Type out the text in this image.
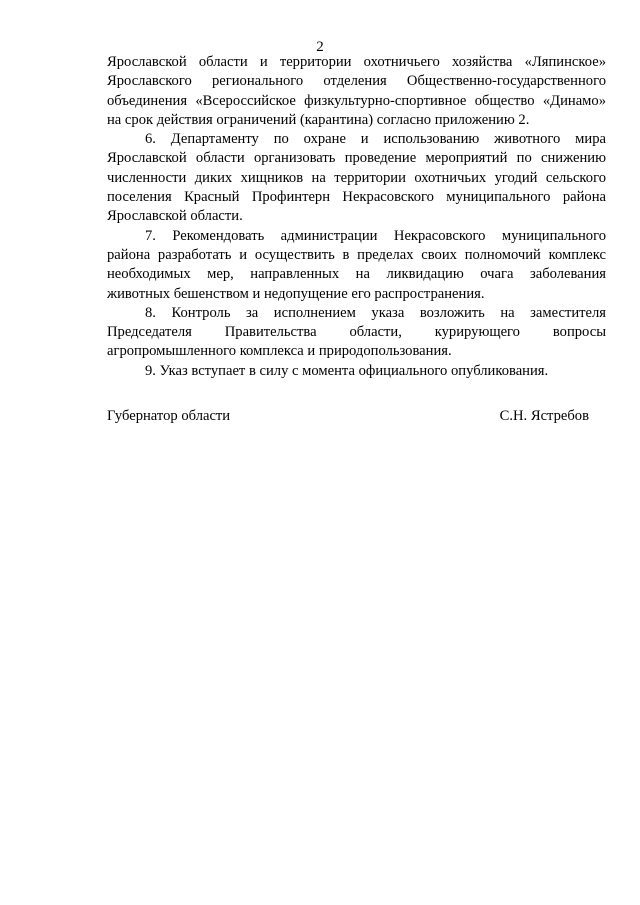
2

Ярославской области и территории охотничьего хозяйства «Ляпинское»
Ярославского регионального отделения Общественно-государственного
объединения «Всероссийское физкультурно-спортивное общество «Динамо»
на срок действия ограничений (карантина) согласно приложению 2.

6. Департаменту по охране и использованию животного мира
Ярославской области организовать проведение мероприятий по снижению
численности диких хищников на территории охотничьих угодий сельского
поселения Красный Профинтерн Некрасовского муниципального района
Ярославской области.

7. Рекомендовать администрации Некрасовского муниципального
района разработать и осуществить в пределах своих полномочий комплекс
необходимых мер, направленных на ликвидацию очага заболевания
животных бешенством и недопущение его распространения.

8. Контроль за исполнением указа возложить на заместителя
Председателя Правительства области, курирующего вопросы
агропромышленного комплекса и природопользования.

9. Указ вступает в силу с момента официального опубликования.

Губернатор области	С.Н. Ястребов
